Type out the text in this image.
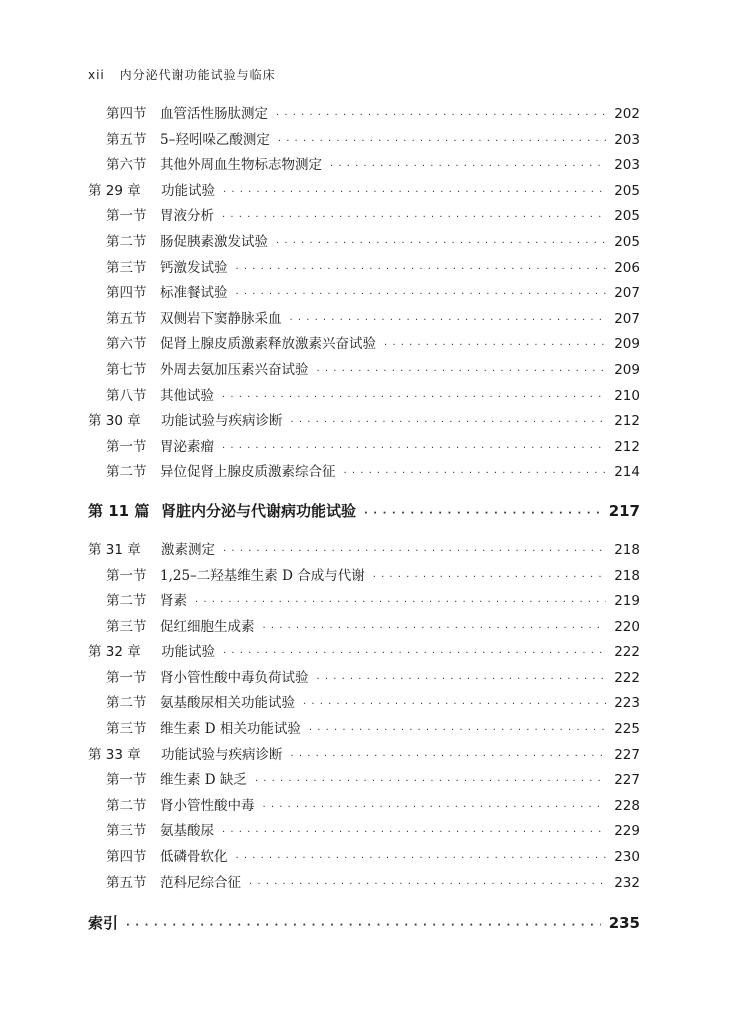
xii 内分泌代谢功能试验与临床
第四节 血管活性肠肽测定 · · ·	202
第五节 5–羟吲哚乙酸测定 · · ·	203
第六节 其他外周血生物标志物测定 · · ·	203
第 29 章 功能试验 · · ·	205
第一节 胃液分析 · · ·	205
第二节 肠促胰素激发试验 · · ·	205
第三节 钙激发试验 · · ·	206
第四节 标准餐试验 · · ·	207
第五节 双侧岩下窦静脉采血 · · ·	207
第六节 促肾上腺皮质激素释放激素兴奋试验 · · ·	209
第七节 外周去氨加压素兴奋试验 · · ·	209
第八节 其他试验 · · ·	210
第 30 章 功能试验与疾病诊断 · · ·	212
第一节 胃泌素瘤 · · ·	212
第二节 异位促肾上腺皮质激素综合征 · · ·	214
第 11 篇 肾脏内分泌与代谢病功能试验 · · ·	217
第 31 章 激素测定 · · ·	218
第一节 1,25–二羟基维生素 D 合成与代谢 · · ·	218
第二节 肾素 · · ·	219
第三节 促红细胞生成素 · · ·	220
第 32 章 功能试验 · · ·	222
第一节 肾小管性酸中毒负荷试验 · · ·	222
第二节 氨基酸尿相关功能试验 · · ·	223
第三节 维生素 D 相关功能试验 · · ·	225
第 33 章 功能试验与疾病诊断 · · ·	227
第一节 维生素 D 缺乏 · · ·	227
第二节 肾小管性酸中毒 · · ·	228
第三节 氨基酸尿 · · ·	229
第四节 低磷骨软化 · · ·	230
第五节 范科尼综合征 · · ·	232
索引 · · ·	235
